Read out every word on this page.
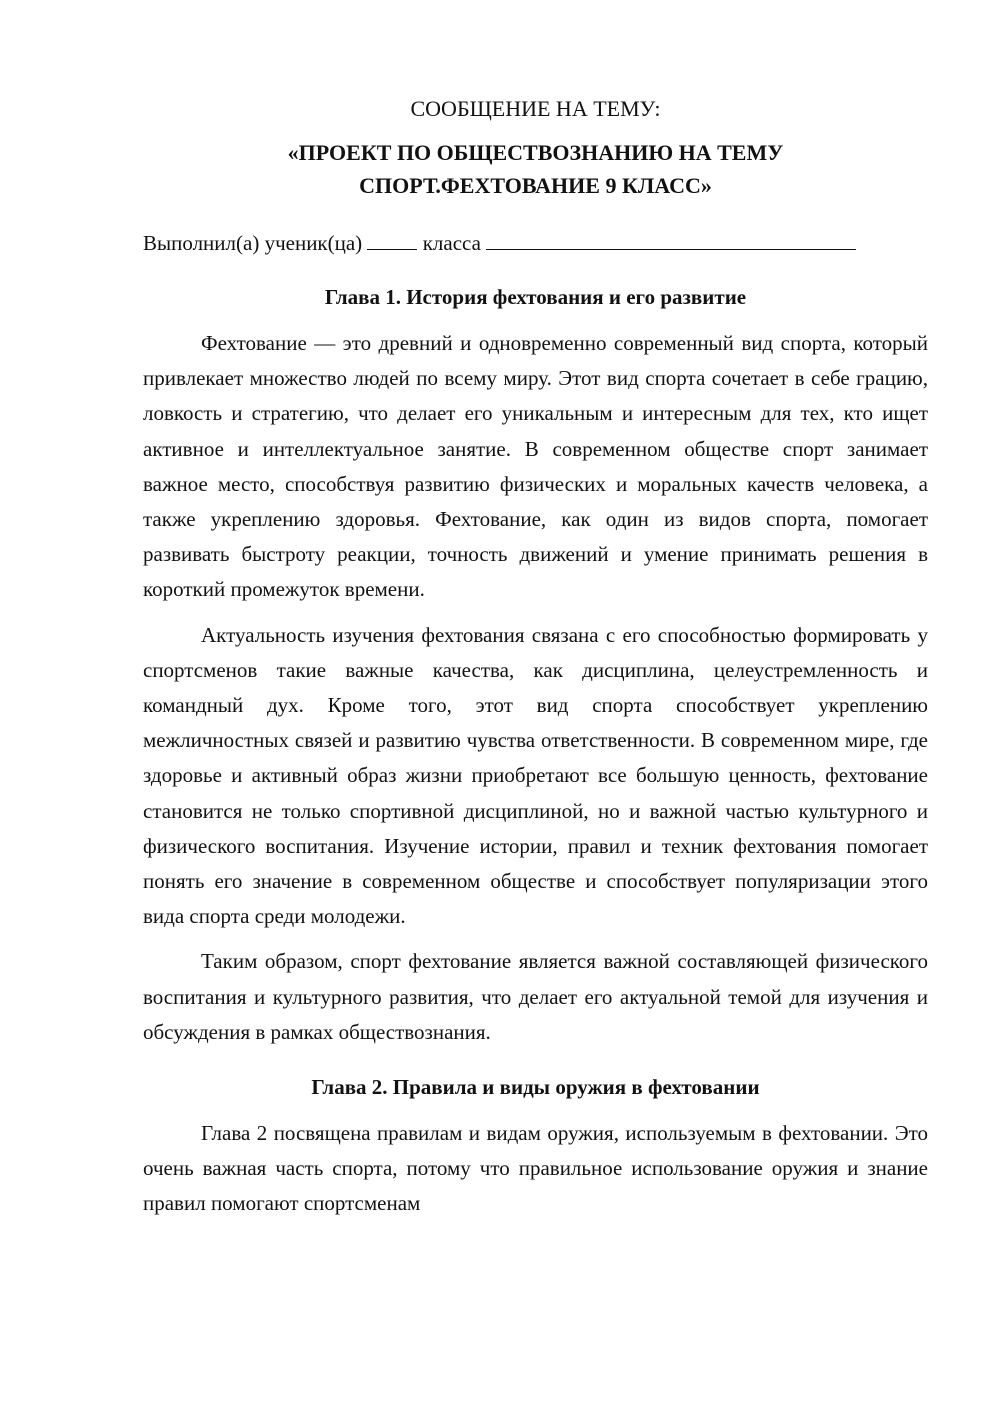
СООБЩЕНИЕ НА ТЕМУ:

«ПРОЕКТ ПО ОБЩЕСТВОЗНАНИЮ НА ТЕМУ
СПОРТ.ФЕХТОВАНИЕ 9 КЛАСС»

Выполнил(а) ученик(ца)	класса

Глава 1. История фехтования и его развитие

Фехтование — это древний и одновременно современный вид спорта, который привлекает множество людей по всему миру. Этот вид спорта сочетает в себе грацию, ловкость и стратегию, что делает его уникальным и интересным для тех, кто ищет активное и интеллектуальное занятие. В современном обществе спорт занимает важное место, способствуя развитию физических и моральных качеств человека, а также укреплению здоровья. Фехтование, как один из видов спорта, помогает развивать быстроту реакции, точность движений и умение принимать решения в короткий промежуток времени.

Актуальность изучения фехтования связана с его способностью формировать у спортсменов такие важные качества, как дисциплина, целеустремленность и командный дух. Кроме того, этот вид спорта способствует укреплению межличностных связей и развитию чувства ответственности. В современном мире, где здоровье и активный образ жизни приобретают все большую ценность, фехтование становится не только спортивной дисциплиной, но и важной частью культурного и физического воспитания. Изучение истории, правил и техник фехтования помогает понять его значение в современном обществе и способствует популяризации этого вида спорта среди молодежи.

Таким образом, спорт фехтование является важной составляющей физического воспитания и культурного развития, что делает его актуальной темой для изучения и обсуждения в рамках обществознания.

Глава 2. Правила и виды оружия в фехтовании

Глава 2 посвящена правилам и видам оружия, используемым в фехтовании. Это очень важная часть спорта, потому что правильное использование оружия и знание правил помогают спортсменам
